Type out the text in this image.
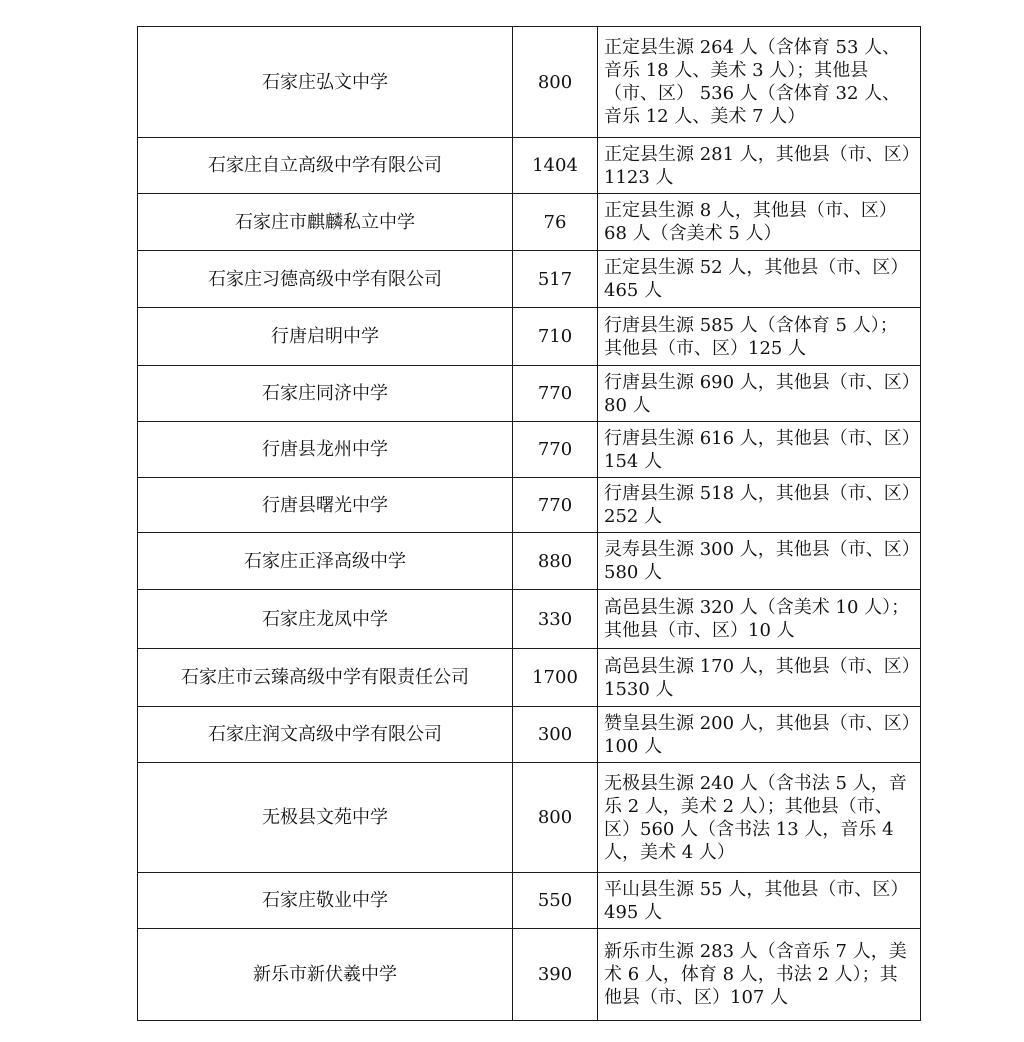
石家庄弘文中学	800	正定县生源 264 人（含体育 53 人、音乐 18 人、美术 3 人）；其他县（市、区） 536 人（含体育 32 人、音乐 12 人、美术 7 人）
石家庄自立高级中学有限公司	1404	正定县生源 281 人，其他县（市、区）1123 人
石家庄市麒麟私立中学	76	正定县生源 8 人，其他县（市、区）68 人（含美术 5 人）
石家庄习德高级中学有限公司	517	正定县生源 52 人，其他县（市、区）465 人
行唐启明中学	710	行唐县生源 585 人（含体育 5 人）；其他县（市、区）125 人
石家庄同济中学	770	行唐县生源 690 人，其他县（市、区）80 人
行唐县龙州中学	770	行唐县生源 616 人，其他县（市、区）154 人
行唐县曙光中学	770	行唐县生源 518 人，其他县（市、区）252 人
石家庄正泽高级中学	880	灵寿县生源 300 人，其他县（市、区）580 人
石家庄龙凤中学	330	高邑县生源 320 人（含美术 10 人）；其他县（市、区）10 人
石家庄市云臻高级中学有限责任公司	1700	高邑县生源 170 人，其他县（市、区）1530 人
石家庄润文高级中学有限公司	300	赞皇县生源 200 人，其他县（市、区）100 人
无极县文苑中学	800	无极县生源 240 人（含书法 5 人，音乐 2 人，美术 2 人）；其他县（市、区）560 人（含书法 13 人，音乐 4 人，美术 4 人）
石家庄敬业中学	550	平山县生源 55 人，其他县（市、区）495 人
新乐市新伏羲中学	390	新乐市生源 283 人（含音乐 7 人，美术 6 人，体育 8 人，书法 2 人）；其他县（市、区）107 人
